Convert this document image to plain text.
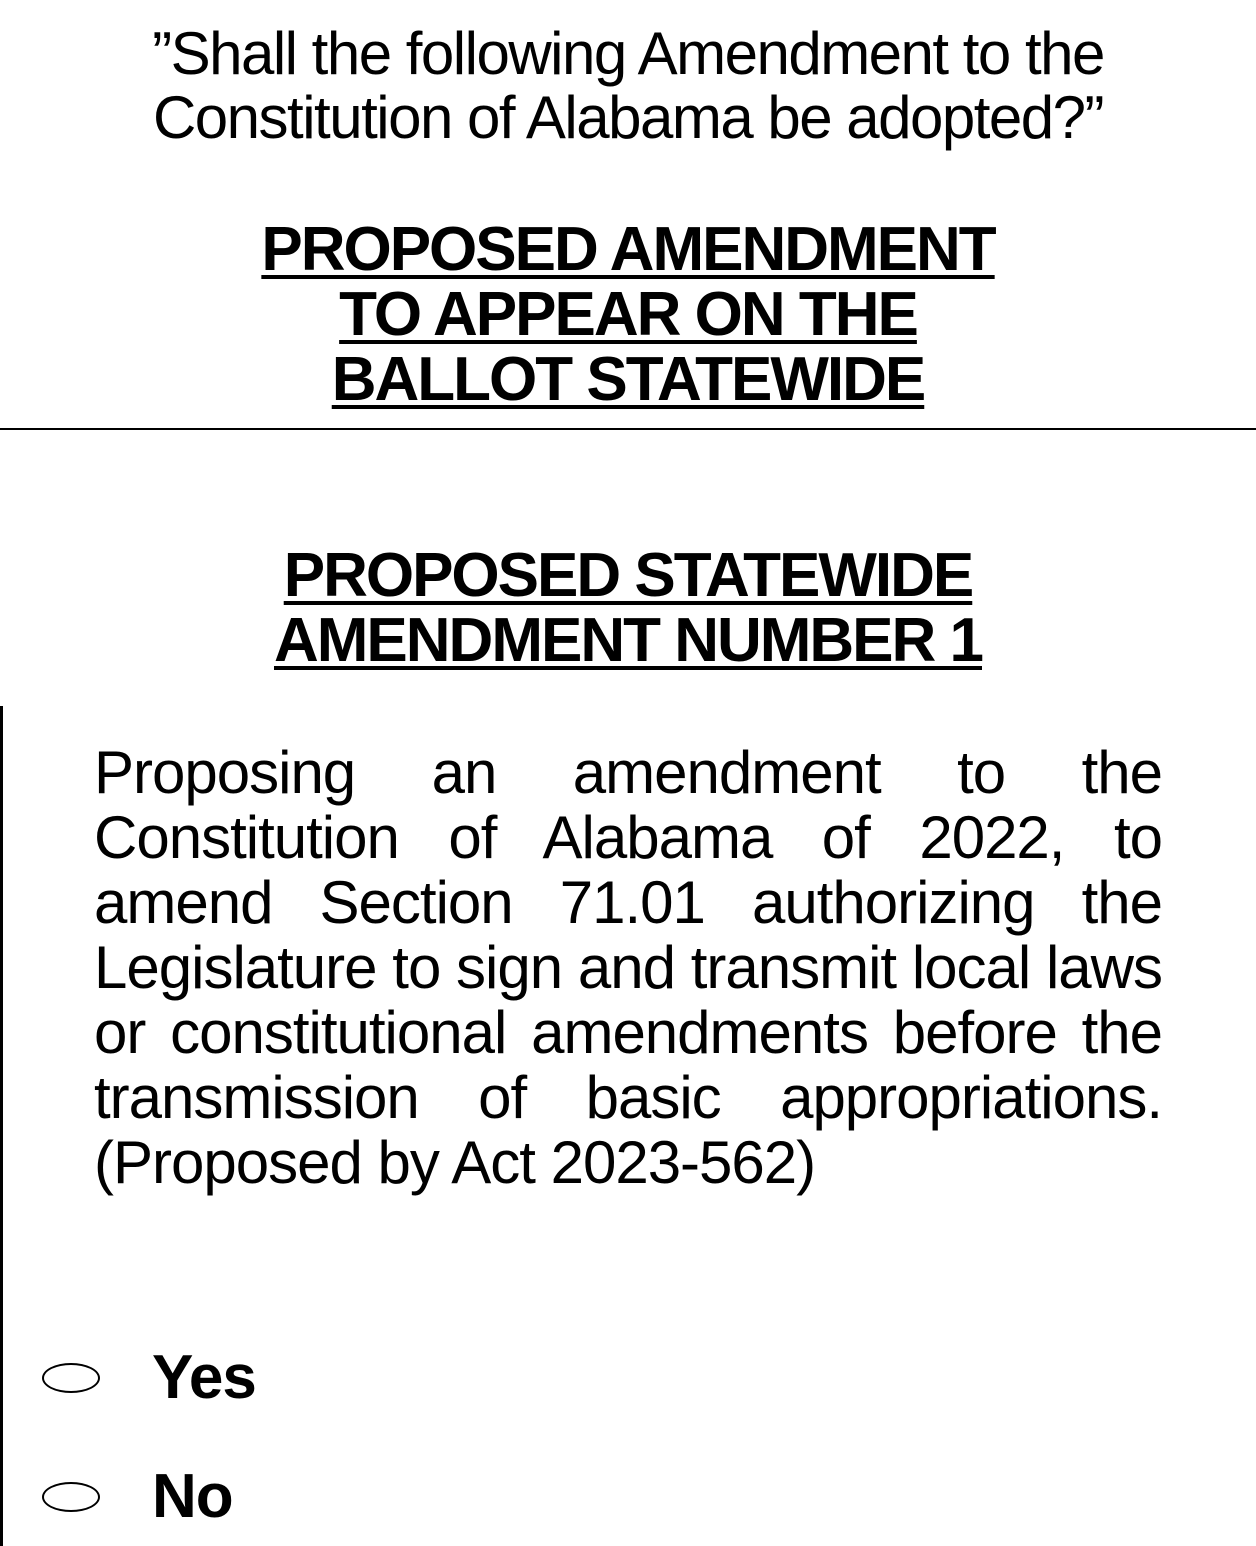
”Shall the following Amendment to the
Constitution of Alabama be adopted?”
PROPOSED AMENDMENT
TO APPEAR ON THE
BALLOT STATEWIDE
PROPOSED STATEWIDE
AMENDMENT NUMBER 1
Proposing an amendment to the
Constitution of Alabama of 2022, to
amend Section 71.01 authorizing the
Legislature to sign and transmit local laws
or constitutional amendments before the
transmission of basic appropriations.
(Proposed by Act 2023-562)
Yes
No
